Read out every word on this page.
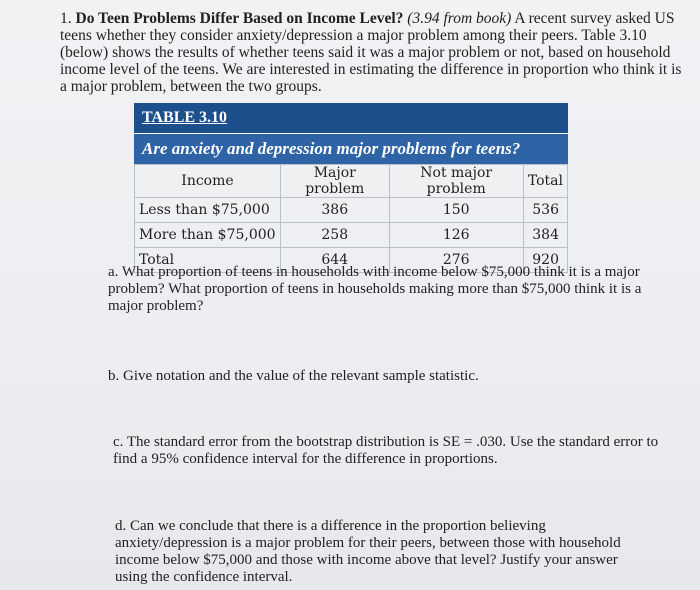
1. Do Teen Problems Differ Based on Income Level? (3.94 from book) A recent survey asked US teens whether they consider anxiety/depression a major problem among their peers. Table 3.10 (below) shows the results of whether teens said it was a major problem or not, based on household income level of the teens. We are interested in estimating the difference in proportion who think it is a major problem, between the two groups.
TABLE 3.10
Are anxiety and depression major problems for teens?
Income	Major problem	Not major problem	Total
Less than $75,000	386	150	536
More than $75,000	258	126	384
Total	644	276	920
a. What proportion of teens in households with income below $75,000 think it is a major problem? What proportion of teens in households making more than $75,000 think it is a major problem?
b. Give notation and the value of the relevant sample statistic.
c. The standard error from the bootstrap distribution is SE = .030. Use the standard error to find a 95% confidence interval for the difference in proportions.
d. Can we conclude that there is a difference in the proportion believing anxiety/depression is a major problem for their peers, between those with household income below $75,000 and those with income above that level? Justify your answer using the confidence interval.
